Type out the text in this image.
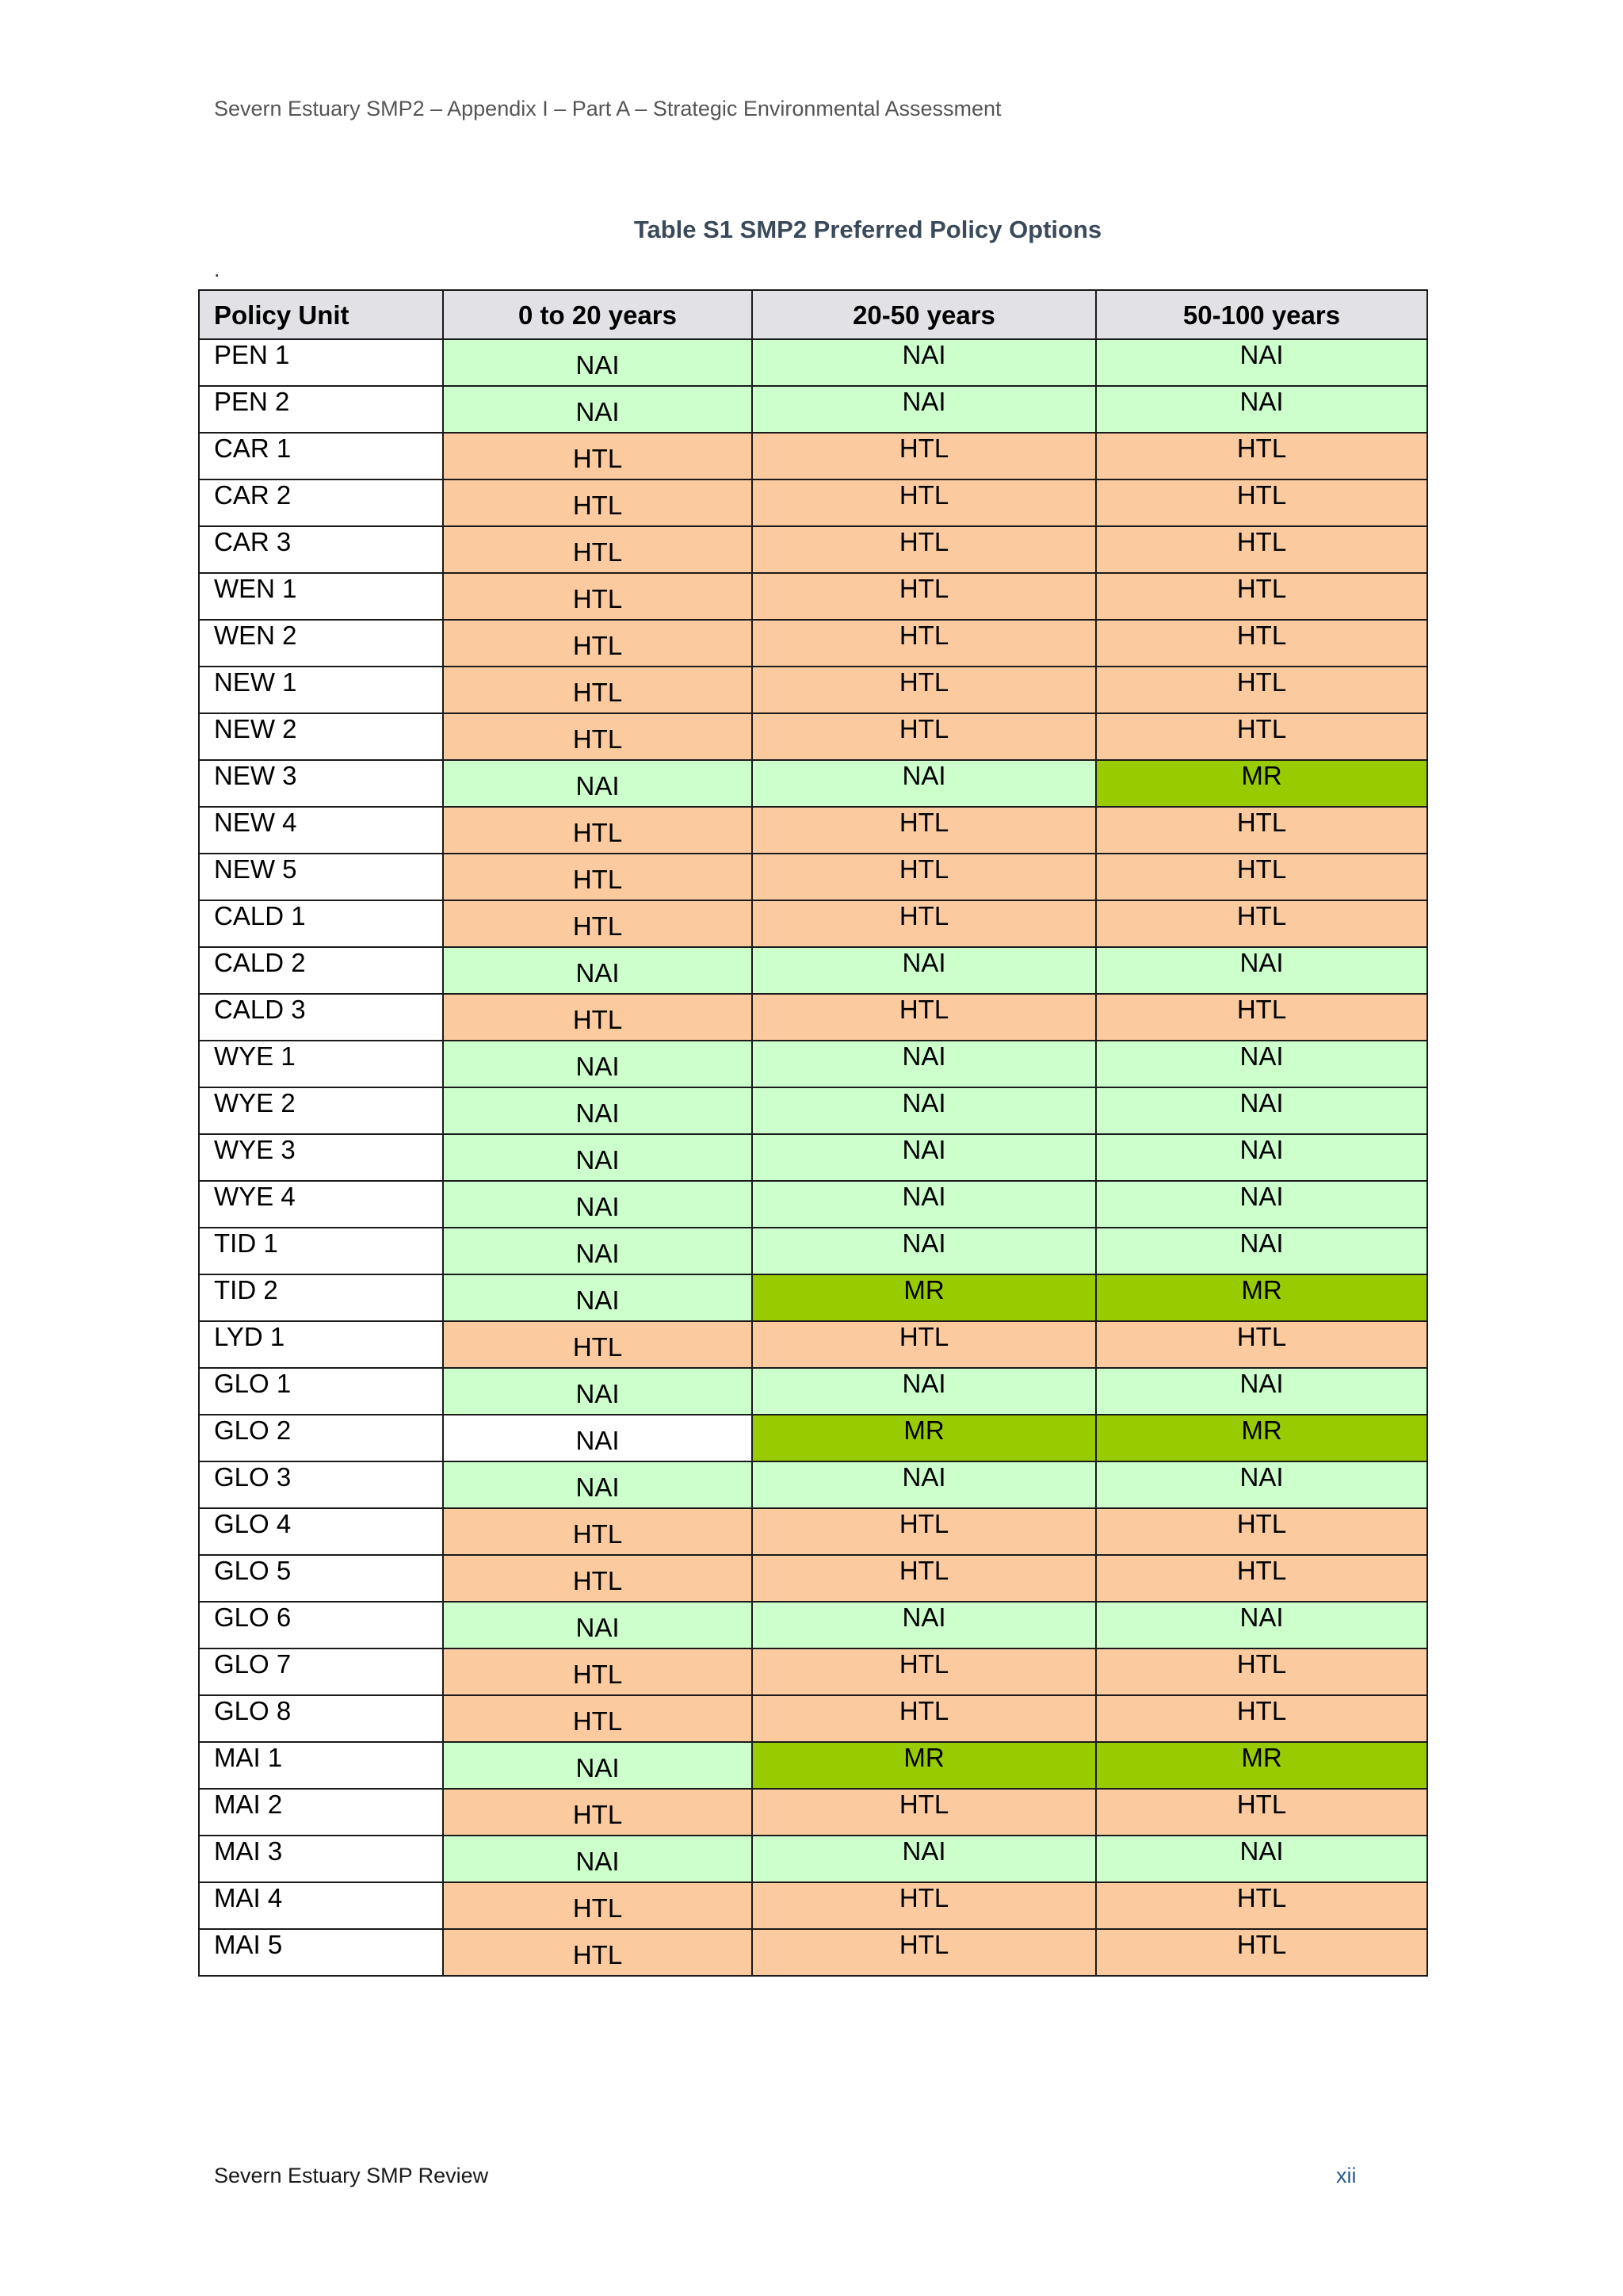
Severn Estuary SMP2 – Appendix I – Part A – Strategic Environmental Assessment
Table S1 SMP2 Preferred Policy Options
.
Policy Unit	0 to 20 years	20-50 years	50-100 years
PEN 1	NAI	NAI	NAI
PEN 2	NAI	NAI	NAI
CAR 1	HTL	HTL	HTL
CAR 2	HTL	HTL	HTL
CAR 3	HTL	HTL	HTL
WEN 1	HTL	HTL	HTL
WEN 2	HTL	HTL	HTL
NEW 1	HTL	HTL	HTL
NEW 2	HTL	HTL	HTL
NEW 3	NAI	NAI	MR
NEW 4	HTL	HTL	HTL
NEW 5	HTL	HTL	HTL
CALD 1	HTL	HTL	HTL
CALD 2	NAI	NAI	NAI
CALD 3	HTL	HTL	HTL
WYE 1	NAI	NAI	NAI
WYE 2	NAI	NAI	NAI
WYE 3	NAI	NAI	NAI
WYE 4	NAI	NAI	NAI
TID 1	NAI	NAI	NAI
TID 2	NAI	MR	MR
LYD 1	HTL	HTL	HTL
GLO 1	NAI	NAI	NAI
GLO 2	NAI	MR	MR
GLO 3	NAI	NAI	NAI
GLO 4	HTL	HTL	HTL
GLO 5	HTL	HTL	HTL
GLO 6	NAI	NAI	NAI
GLO 7	HTL	HTL	HTL
GLO 8	HTL	HTL	HTL
MAI 1	NAI	MR	MR
MAI 2	HTL	HTL	HTL
MAI 3	NAI	NAI	NAI
MAI 4	HTL	HTL	HTL
MAI 5	HTL	HTL	HTL
Severn Estuary SMP Review	xii
